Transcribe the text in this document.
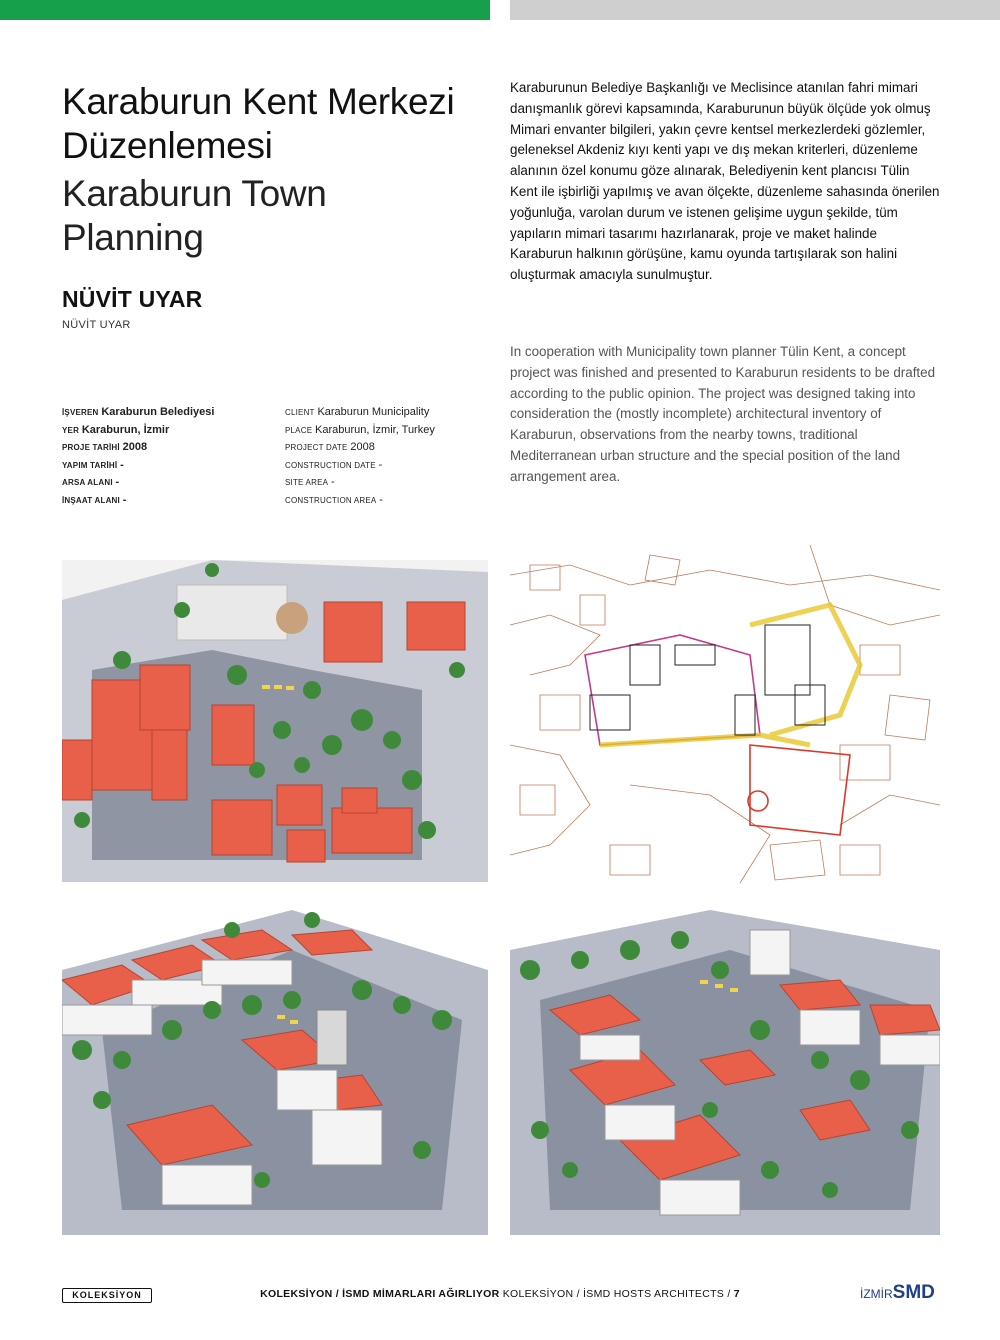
Karaburun Kent Merkezi
Düzenlemesi
Karaburun Town
Planning
NÜVİT UYAR
NÜVİT UYAR
İŞVEREN Karaburun Belediyesi
YER Karaburun, İzmir
PROJE TARİHİ 2008
YAPIM TARİHİ -
ARSA ALANI -
İNŞAAT ALANI -
CLIENT Karaburun Municipality
PLACE Karaburun, İzmir, Turkey
PROJECT DATE 2008
CONSTRUCTION DATE -
SITE AREA -
CONSTRUCTION AREA -
Karaburunun Belediye Başkanlığı ve Meclisince atanılan fahri mimari danışmanlık görevi kapsamında, Karaburunun büyük ölçüde yok olmuş Mimari envanter bilgileri, yakın çevre kentsel merkezlerdeki gözlemler, geleneksel Akdeniz kıyı kenti yapı ve dış mekan kriterleri, düzenleme alanının özel konumu göze alınarak, Belediyenin kent plancısı Tülin Kent ile işbirliği yapılmış ve avan ölçekte, düzenleme sahasında önerilen yoğunluğa, varolan durum ve istenen gelişime uygun şekilde, tüm yapıların mimari tasarımı hazırlanarak, proje ve maket halinde Karaburun halkının görüşüne, kamu oyunda tartışılarak son halini oluşturmak amacıyla sunulmuştur.
In cooperation with Municipality town planner Tülin Kent, a concept project was finished and presented to Karaburun residents to be drafted according to the public opinion. The project was designed taking into consideration the (mostly incomplete) architectural inventory of Karaburun, observations from the nearby towns, traditional Mediterranean urban structure and the special position of the land arrangement area.
KOLEKSİYON	KOLEKSİYON / İSMD MİMARLARI AĞIRLIYOR KOLEKSİYON / İSMD HOSTS ARCHITECTS / 7	İZMİRSMD
